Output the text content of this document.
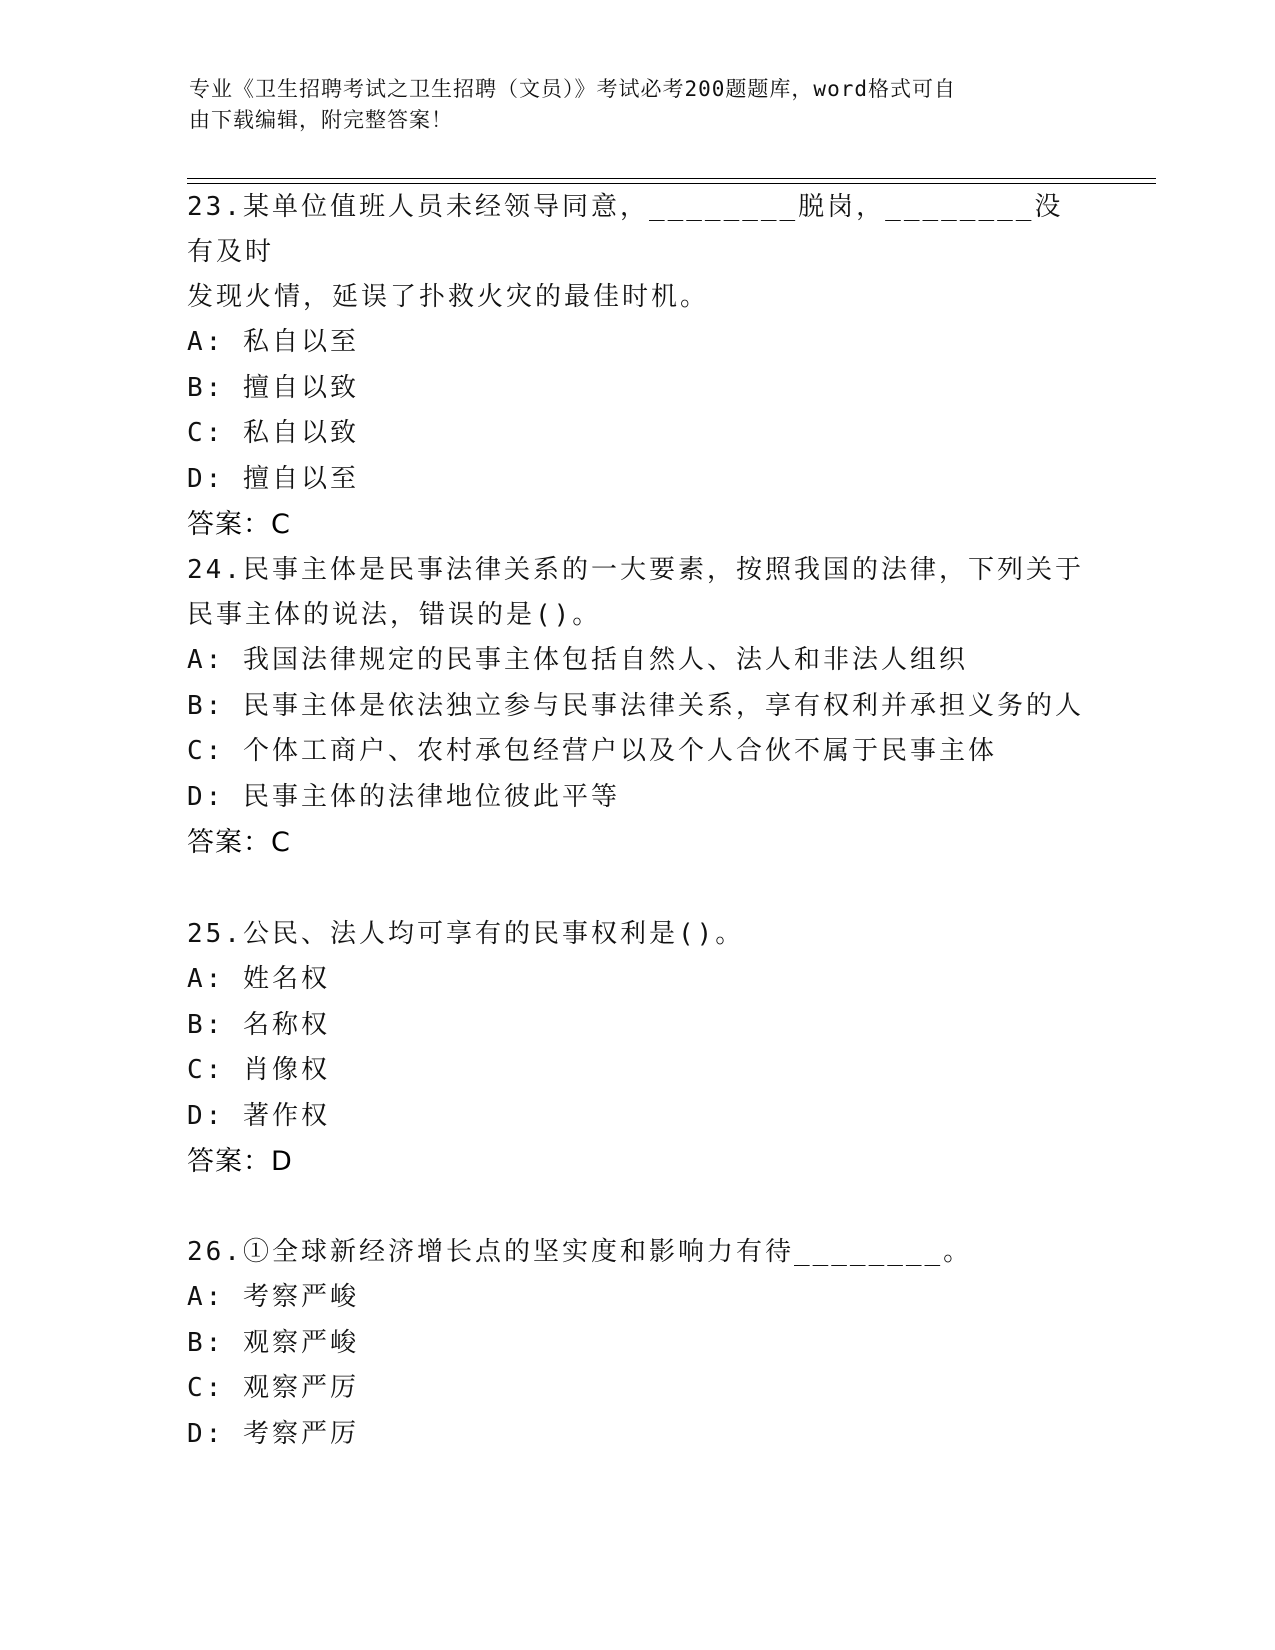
专业《卫生招聘考试之卫生招聘（文员）》考试必考200题题库，word格式可自
由下载编辑，附完整答案！
23.某单位值班人员未经领导同意，________脱岗，________没有及时
发现火情，延误了扑救火灾的最佳时机。
A: 私自以至
B: 擅自以致
C: 私自以致
D: 擅自以至
答案：C
24.民事主体是民事法律关系的一大要素，按照我国的法律，下列关于
民事主体的说法，错误的是()。
A: 我国法律规定的民事主体包括自然人、法人和非法人组织
B: 民事主体是依法独立参与民事法律关系，享有权利并承担义务的人
C: 个体工商户、农村承包经营户以及个人合伙不属于民事主体
D: 民事主体的法律地位彼此平等
答案：C
25.公民、法人均可享有的民事权利是()。
A: 姓名权
B: 名称权
C: 肖像权
D: 著作权
答案：D
26.①全球新经济增长点的坚实度和影响力有待________。
A: 考察严峻
B: 观察严峻
C: 观察严厉
D: 考察严厉
